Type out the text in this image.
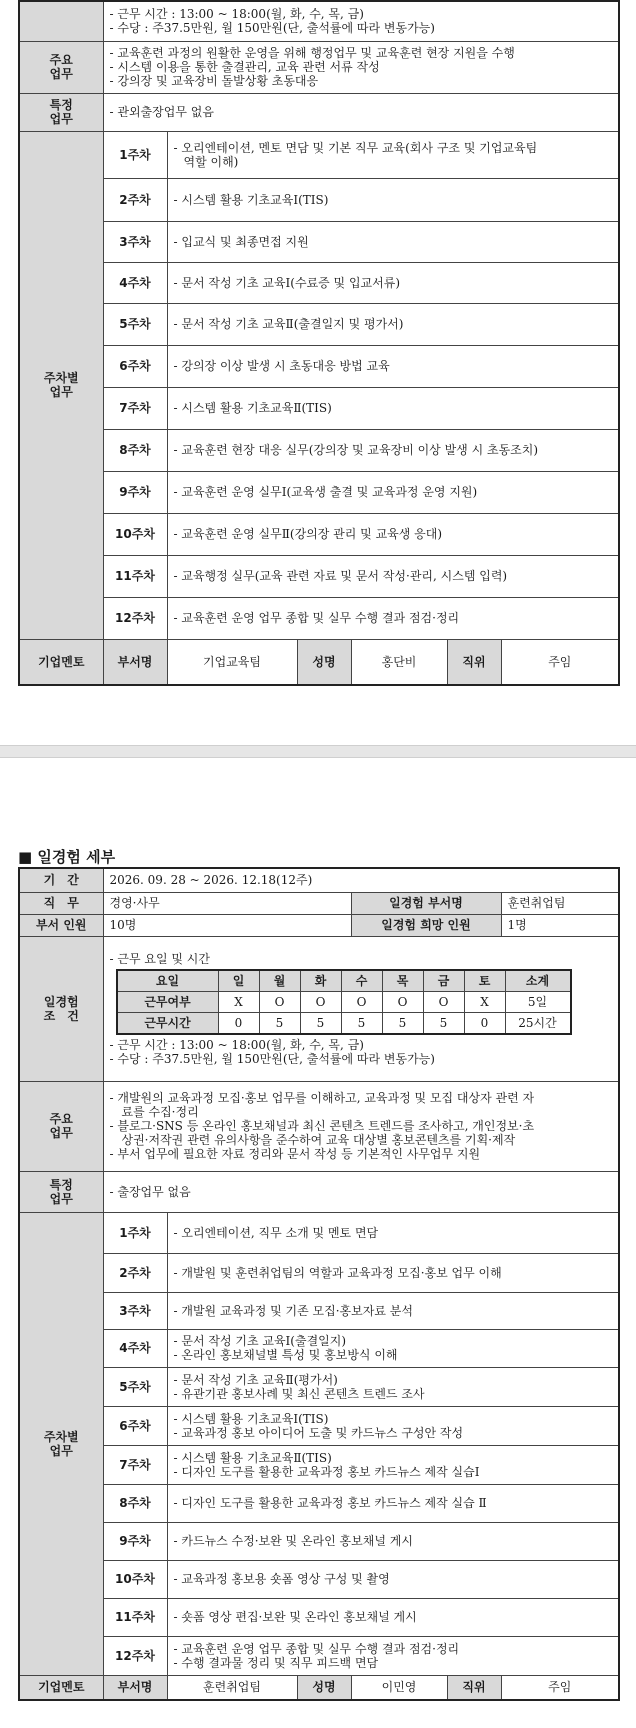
	- 근무 시간 : 13:00 ~ 18:00(월, 화, 수, 목, 금)
- 수당 : 주37.5만원, 월 150만원(단, 출석률에 따라 변동가능)					

주요
업무	- 교육훈련 과정의 원활한 운영을 위해 행정업무 및 교육훈련 현장 지원을 수행
- 시스템 이용을 통한 출결관리, 교육 관련 서류 작성
- 강의장 및 교육장비 돌발상황 초동대응					

특정
업무	- 관외출장업무 없음					

주차별
업무	1주차	- 오리엔테이션, 멘토 면담 및 기본 직무 교육(회사 구조 및 기업교육팀
역할 이해)				

	2주차	- 시스템 활용 기초교육Ⅰ(TIS)				
	3주차	- 입교식 및 최종면접 지원				
	4주차	- 문서 작성 기초 교육Ⅰ(수료증 및 입교서류)				
	5주차	- 문서 작성 기초 교육Ⅱ(출결일지 및 평가서)				
	6주차	- 강의장 이상 발생 시 초동대응 방법 교육				
	7주차	- 시스템 활용 기초교육Ⅱ(TIS)				
	8주차	- 교육훈련 현장 대응 실무(강의장 및 교육장비 이상 발생 시 초동조치)				
	9주차	- 교육훈련 운영 실무Ⅰ(교육생 출결 및 교육과정 운영 지원)				
	10주차	- 교육훈련 운영 실무Ⅱ(강의장 관리 및 교육생 응대)				
	11주차	- 교육행정 실무(교육 관련 자료 및 문서 작성·관리, 시스템 입력)				
	12주차	- 교육훈련 운영 업무 종합 및 실무 수행 결과 점검·정리				
기업멘토	부서명	기업교육팀	성명	홍단비	직위	주임
■ 일경험 세부
기　간	2026. 09. 28 ~ 2026. 12.18(12주)
직　무	경영·사무	일경험 부서명	훈련취업팀
부서 인원	10명	일경험 희망 인원	1명

일경험
조　건

- 근무 요일 및 시간
요일	일	월	화	수	목	금	토	소계
근무여부	X	O	O	O	O	O	X	5일
근무시간	0	5	5	5	5	5	0	25시간
- 근무 시간 : 13:00 ~ 18:00(월, 화, 수, 목, 금)
- 수당 : 주37.5만원, 월 150만원(단, 출석률에 따라 변동가능)

주요
업무

- 개발원의 교육과정 모집·홍보 업무를 이해하고, 교육과정 및 모집 대상자 관련 자
　료를 수집·정리
- 블로그·SNS 등 온라인 홍보채널과 최신 콘텐츠 트렌드를 조사하고, 개인정보·초
　상권·저작권 관련 유의사항을 준수하여 교육 대상별 홍보콘텐츠를 기획·제작
- 부서 업무에 필요한 자료 정리와 문서 작성 등 기본적인 사무업무 지원

특정
업무	- 출장업무 없음

주차별
업무
	1주차	- 오리엔테이션, 직무 소개 및 멘토 면담
2주차	- 개발원 및 훈련취업팀의 역할과 교육과정 모집·홍보 업무 이해
3주차	- 개발원 교육과정 및 기존 모집·홍보자료 분석
4주차	- 문서 작성 기초 교육Ⅰ(출결일지)
- 온라인 홍보채널별 특성 및 홍보방식 이해

5주차	- 문서 작성 기초 교육Ⅱ(평가서)
- 유관기관 홍보사례 및 최신 콘텐츠 트렌드 조사

6주차	- 시스템 활용 기초교육Ⅰ(TIS)
- 교육과정 홍보 아이디어 도출 및 카드뉴스 구성안 작성

7주차	- 시스템 활용 기초교육Ⅱ(TIS)
- 디자인 도구를 활용한 교육과정 홍보 카드뉴스 제작 실습Ⅰ

8주차	- 디자인 도구를 활용한 교육과정 홍보 카드뉴스 제작 실습 Ⅱ
9주차	- 카드뉴스 수정·보완 및 온라인 홍보채널 게시
10주차	- 교육과정 홍보용 숏폼 영상 구성 및 촬영
11주차	- 숏폼 영상 편집·보완 및 온라인 홍보채널 게시
12주차	- 교육훈련 운영 업무 종합 및 실무 수행 결과 점검·정리
- 수행 결과물 정리 및 직무 피드백 면담

기업멘토	부서명	훈련취업팀	성명	이민영	직위	주임
